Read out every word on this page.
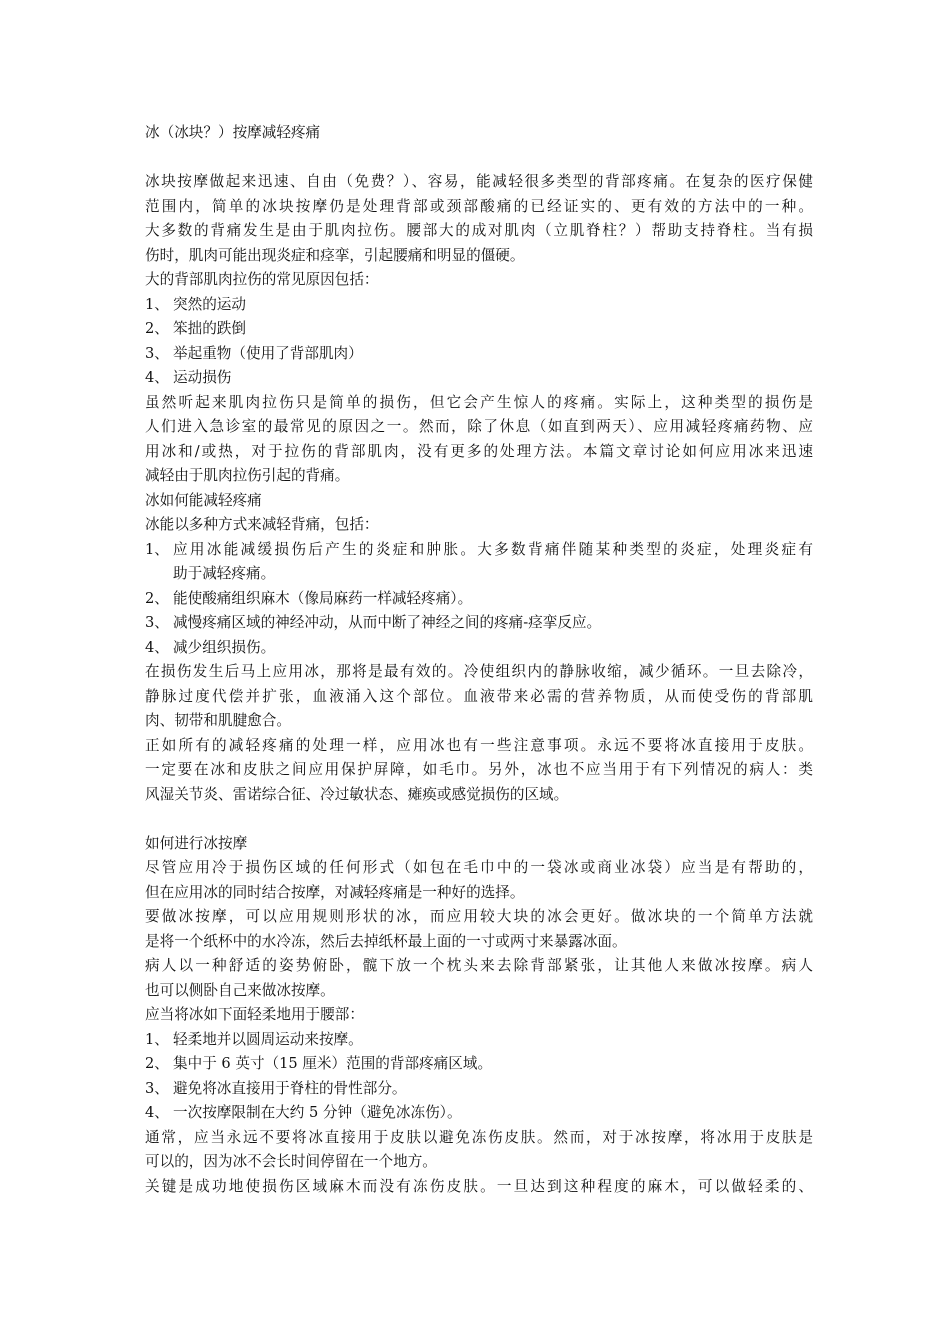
冰（冰块？）按摩减轻疼痛
冰块按摩做起来迅速、自由（免费？）、容易，能减轻很多类型的背部疼痛。在复杂的医疗保健
范围内，简单的冰块按摩仍是处理背部或颈部酸痛的已经证实的、更有效的方法中的一种。
大多数的背痛发生是由于肌肉拉伤。腰部大的成对肌肉（立肌脊柱？）帮助支持脊柱。当有损
伤时，肌肉可能出现炎症和痉挛，引起腰痛和明显的僵硬。
大的背部肌肉拉伤的常见原因包括：
1、 突然的运动
2、 笨拙的跌倒
3、 举起重物（使用了背部肌肉）
4、 运动损伤
虽然听起来肌肉拉伤只是简单的损伤，但它会产生惊人的疼痛。实际上，这种类型的损伤是
人们进入急诊室的最常见的原因之一。然而，除了休息（如直到两天）、应用减轻疼痛药物、应
用冰和/或热，对于拉伤的背部肌肉，没有更多的处理方法。本篇文章讨论如何应用冰来迅速
减轻由于肌肉拉伤引起的背痛。
冰如何能减轻疼痛
冰能以多种方式来减轻背痛，包括：
1、 应用冰能减缓损伤后产生的炎症和肿胀。大多数背痛伴随某种类型的炎症，处理炎症有
助于减轻疼痛。
2、 能使酸痛组织麻木（像局麻药一样减轻疼痛）。
3、 减慢疼痛区域的神经冲动，从而中断了神经之间的疼痛-痉挛反应。
4、 减少组织损伤。
在损伤发生后马上应用冰，那将是最有效的。冷使组织内的静脉收缩，减少循环。一旦去除冷，
静脉过度代偿并扩张，血液涌入这个部位。血液带来必需的营养物质，从而使受伤的背部肌
肉、韧带和肌腱愈合。
正如所有的减轻疼痛的处理一样，应用冰也有一些注意事项。永远不要将冰直接用于皮肤。
一定要在冰和皮肤之间应用保护屏障，如毛巾。另外，冰也不应当用于有下列情况的病人：类
风湿关节炎、雷诺综合征、冷过敏状态、瘫痪或感觉损伤的区域。
如何进行冰按摩
尽管应用冷于损伤区域的任何形式（如包在毛巾中的一袋冰或商业冰袋）应当是有帮助的，
但在应用冰的同时结合按摩，对减轻疼痛是一种好的选择。
要做冰按摩，可以应用规则形状的冰，而应用较大块的冰会更好。做冰块的一个简单方法就
是将一个纸杯中的水冷冻，然后去掉纸杯最上面的一寸或两寸来暴露冰面。
病人以一种舒适的姿势俯卧，髋下放一个枕头来去除背部紧张，让其他人来做冰按摩。病人
也可以侧卧自己来做冰按摩。
应当将冰如下面轻柔地用于腰部：
1、 轻柔地并以圆周运动来按摩。
2、 集中于 6 英寸（15 厘米）范围的背部疼痛区域。
3、 避免将冰直接用于脊柱的骨性部分。
4、 一次按摩限制在大约 5 分钟（避免冰冻伤）。
通常，应当永远不要将冰直接用于皮肤以避免冻伤皮肤。然而，对于冰按摩，将冰用于皮肤是
可以的，因为冰不会长时间停留在一个地方。
关键是成功地使损伤区域麻木而没有冻伤皮肤。一旦达到这种程度的麻木，可以做轻柔的、
